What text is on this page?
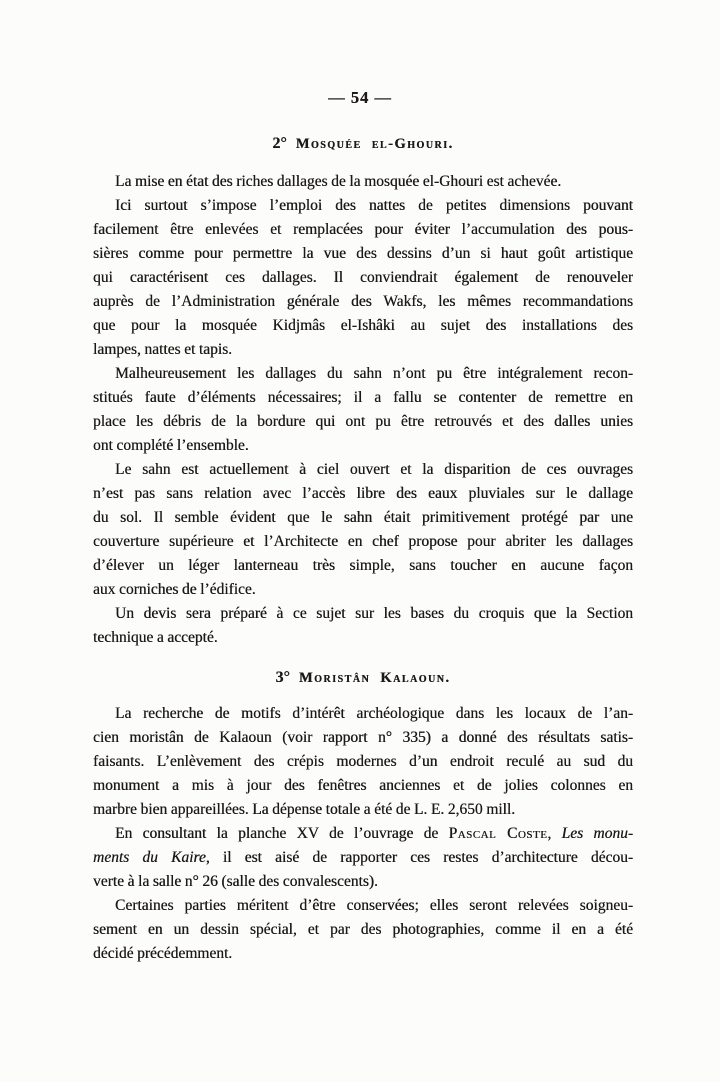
— 54 —
2° Mosquée el-Ghouri.
La mise en état des riches dallages de la mosquée el-Ghouri est achevée.
Ici surtout s’impose l’emploi des nattes de petites dimensions pouvant
facilement être enlevées et remplacées pour éviter l’accumulation des pous-
sières comme pour permettre la vue des dessins d’un si haut goût artistique
qui caractérisent ces dallages. Il conviendrait également de renouveler
auprès de l’Administration générale des Wakfs, les mêmes recommandations
que pour la mosquée Kidjmâs el-Ishâki au sujet des installations des
lampes, nattes et tapis.
Malheureusement les dallages du sahn n’ont pu être intégralement recon-
stitués faute d’éléments nécessaires; il a fallu se contenter de remettre en
place les débris de la bordure qui ont pu être retrouvés et des dalles unies
ont complété l’ensemble.
Le sahn est actuellement à ciel ouvert et la disparition de ces ouvrages
n’est pas sans relation avec l’accès libre des eaux pluviales sur le dallage
du sol. Il semble évident que le sahn était primitivement protégé par une
couverture supérieure et l’Architecte en chef propose pour abriter les dallages
d’élever un léger lanterneau très simple, sans toucher en aucune façon
aux corniches de l’édifice.
Un devis sera préparé à ce sujet sur les bases du croquis que la Section
technique a accepté.
3° Moristân Kalaoun.
La recherche de motifs d’intérêt archéologique dans les locaux de l’an-
cien moristân de Kalaoun (voir rapport n° 335) a donné des résultats satis-
faisants. L’enlèvement des crépis modernes d’un endroit reculé au sud du
monument a mis à jour des fenêtres anciennes et de jolies colonnes en
marbre bien appareillées. La dépense totale a été de L. E. 2,650 mill.
En consultant la planche XV de l’ouvrage de Pascal Coste, Les monu-
ments du Kaire, il est aisé de rapporter ces restes d’architecture décou-
verte à la salle n° 26 (salle des convalescents).
Certaines parties méritent d’être conservées; elles seront relevées soigneu-
sement en un dessin spécial, et par des photographies, comme il en a été
décidé précédemment.
